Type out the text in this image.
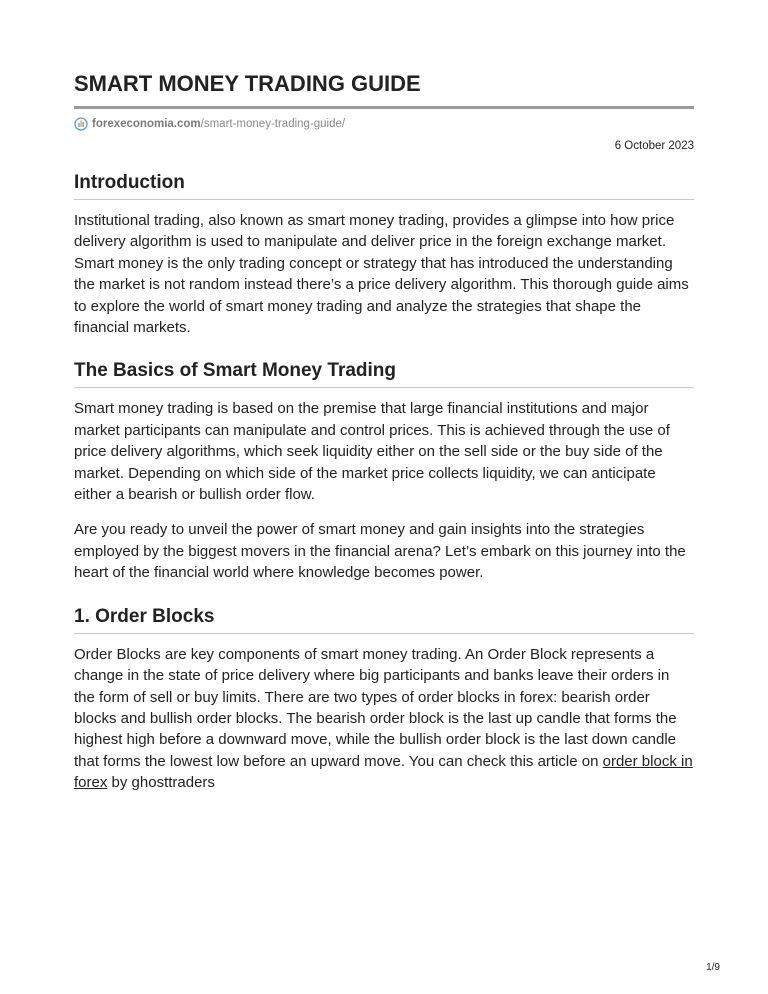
SMART MONEY TRADING GUIDE
forexeconomia.com /smart-money-trading-guide/
6 October 2023
Introduction

Institutional trading, also known as smart money trading, provides a glimpse into how price delivery algorithm is used to manipulate and deliver price in the foreign exchange market. Smart money is the only trading concept or strategy that has introduced the understanding the market is not random instead there’s a price delivery algorithm. This thorough guide aims to explore the world of smart money trading and analyze the strategies that shape the financial markets.

The Basics of Smart Money Trading

Smart money trading is based on the premise that large financial institutions and major market participants can manipulate and control prices. This is achieved through the use of price delivery algorithms, which seek liquidity either on the sell side or the buy side of the market. Depending on which side of the market price collects liquidity, we can anticipate either a bearish or bullish order flow.

Are you ready to unveil the power of smart money and gain insights into the strategies employed by the biggest movers in the financial arena? Let’s embark on this journey into the heart of the financial world where knowledge becomes power.

1. Order Blocks

Order Blocks are key components of smart money trading. An Order Block represents a change in the state of price delivery where big participants and banks leave their orders in the form of sell or buy limits. There are two types of order blocks in forex: bearish order blocks and bullish order blocks. The bearish order block is the last up candle that forms the highest high before a downward move, while the bullish order block is the last down candle that forms the lowest low before an upward move. You can check this article on order block in forex by ghosttraders

1/9
